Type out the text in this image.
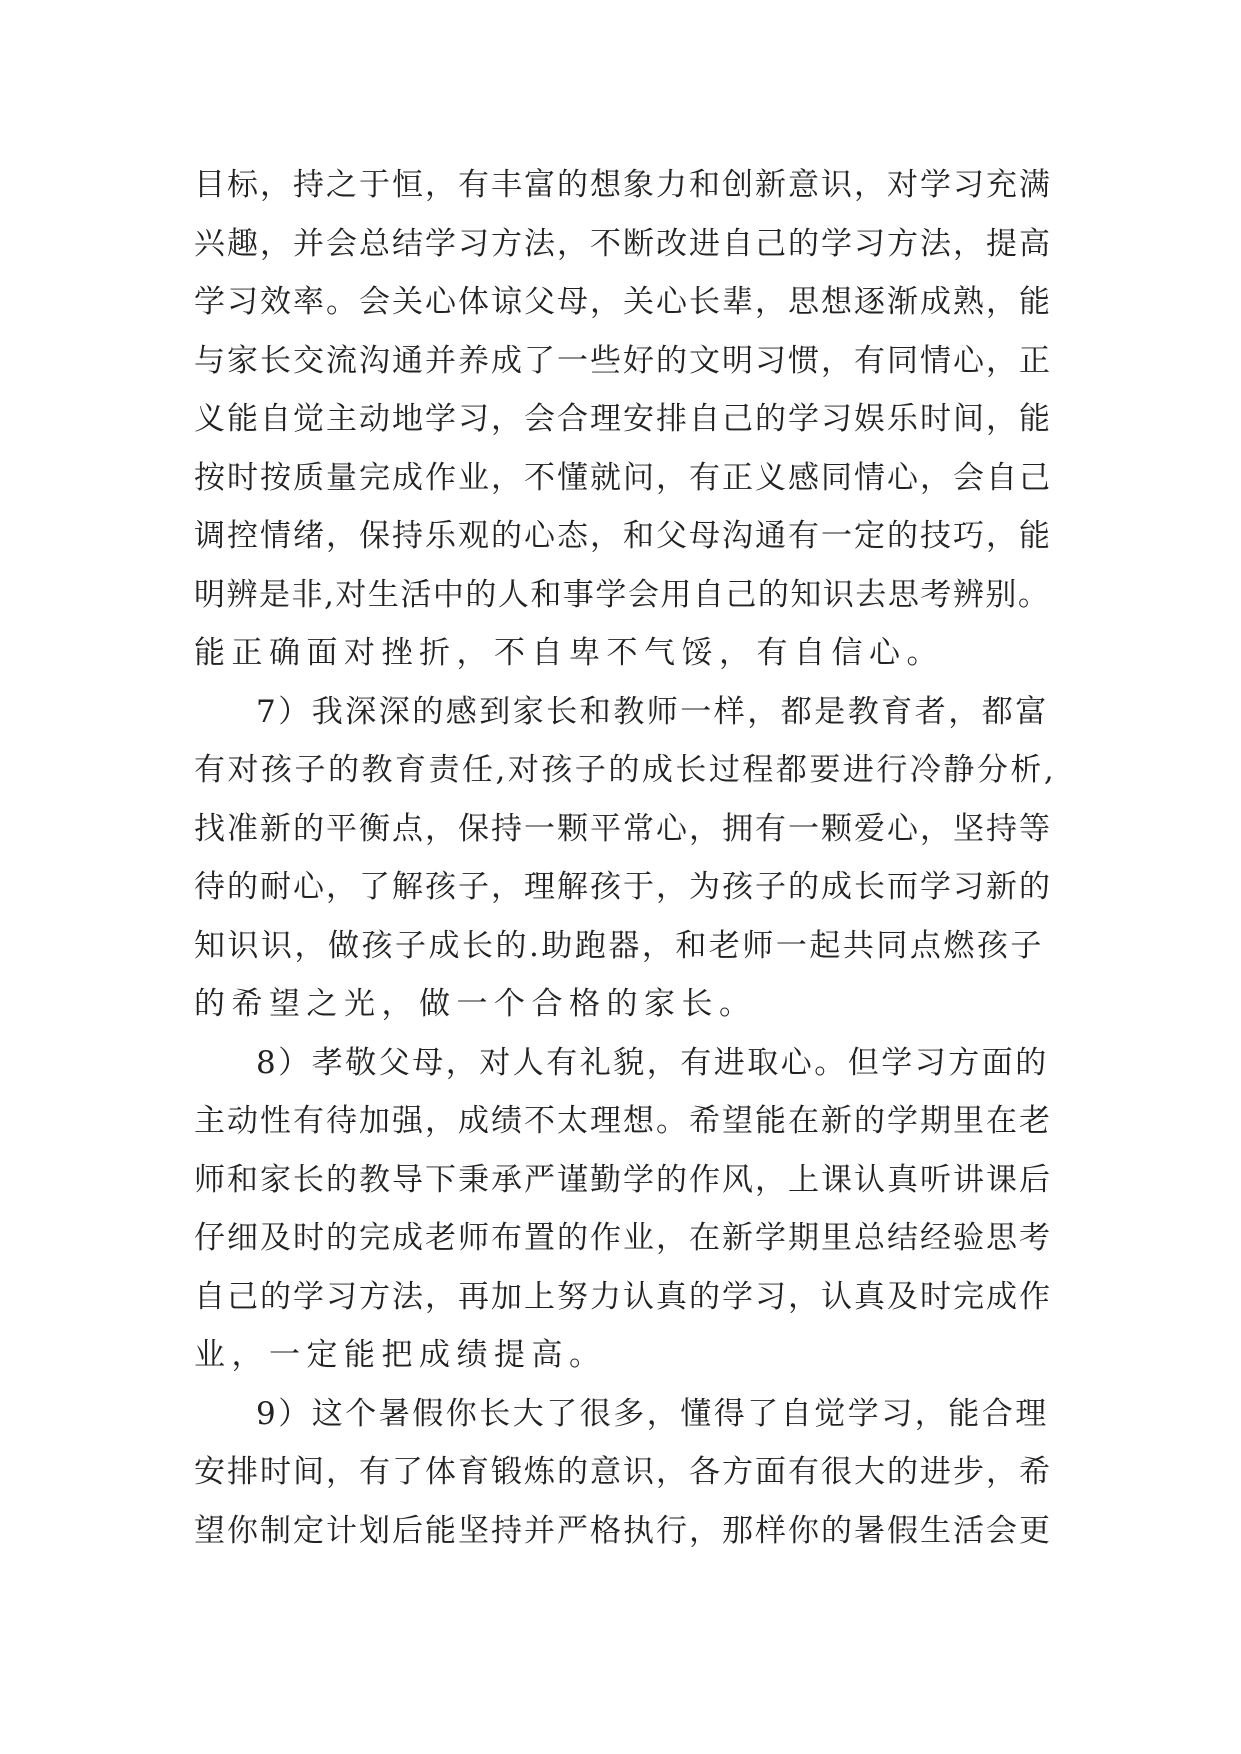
目标，持之于恒，有丰富的想象力和创新意识，对学习充满
兴趣，并会总结学习方法，不断改进自己的学习方法，提高
学习效率。会关心体谅父母，关心长辈，思想逐渐成熟，能
与家长交流沟通并养成了一些好的文明习惯，有同情心，正
义能自觉主动地学习，会合理安排自己的学习娱乐时间，能
按时按质量完成作业，不懂就问，有正义感同情心，会自己
调控情绪，保持乐观的心态，和父母沟通有一定的技巧，能
明辨是非,对生活中的人和事学会用自己的知识去思考辨别。
能正确面对挫折，不自卑不气馁，有自信心。
7）我深深的感到家长和教师一样，都是教育者，都富
有对孩子的教育责任,对孩子的成长过程都要进行冷静分析,
找准新的平衡点，保持一颗平常心，拥有一颗爱心，坚持等
待的耐心，了解孩子，理解孩于，为孩子的成长而学习新的
知识识，做孩子成长的.助跑器，和老师一起共同点燃孩子
的希望之光，做一个合格的家长。
8）孝敬父母，对人有礼貌，有进取心。但学习方面的
主动性有待加强，成绩不太理想。希望能在新的学期里在老
师和家长的教导下秉承严谨勤学的作风，上课认真听讲课后
仔细及时的完成老师布置的作业，在新学期里总结经验思考
自己的学习方法，再加上努力认真的学习，认真及时完成作
业，一定能把成绩提高。
9）这个暑假你长大了很多，懂得了自觉学习，能合理
安排时间，有了体育锻炼的意识，各方面有很大的进步，希
望你制定计划后能坚持并严格执行，那样你的暑假生活会更
